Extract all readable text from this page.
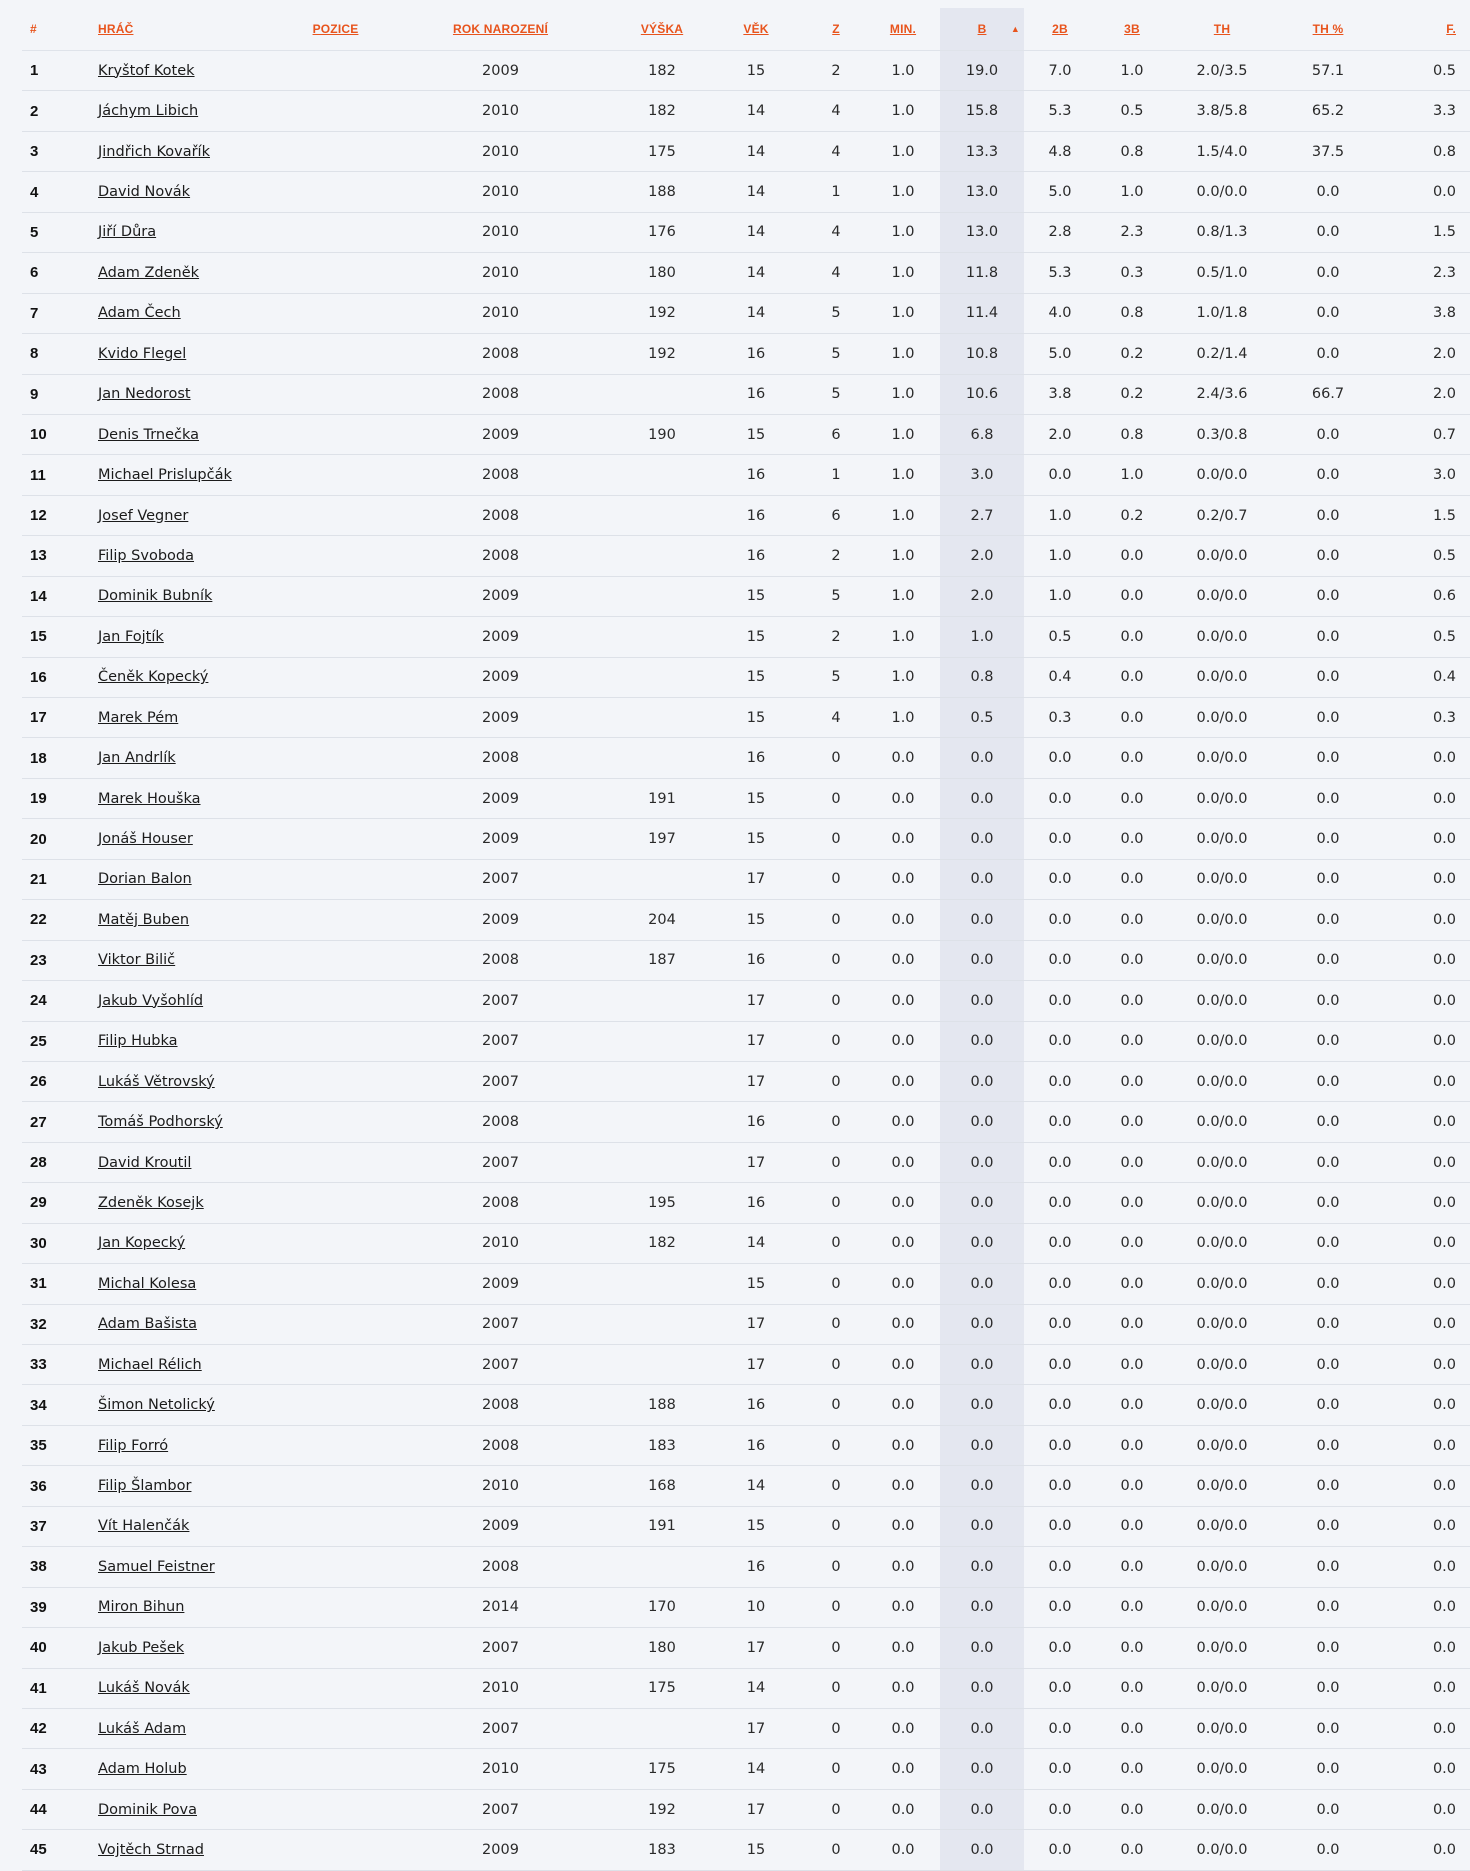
#	HRÁČ	POZICE	ROK NAROZENÍ	VÝŠKA	VĚK	Z	MIN.	B ▲	2B	3B	TH	TH %	F.
1	Kryštof Kotek		2009	182	15	2	1.0	19.0	7.0	1.0	2.0/3.5	57.1	0.5
2	Jáchym Libich		2010	182	14	4	1.0	15.8	5.3	0.5	3.8/5.8	65.2	3.3
3	Jindřich Kovařík		2010	175	14	4	1.0	13.3	4.8	0.8	1.5/4.0	37.5	0.8
4	David Novák		2010	188	14	1	1.0	13.0	5.0	1.0	0.0/0.0	0.0	0.0
5	Jiří Důra		2010	176	14	4	1.0	13.0	2.8	2.3	0.8/1.3	0.0	1.5
6	Adam Zdeněk		2010	180	14	4	1.0	11.8	5.3	0.3	0.5/1.0	0.0	2.3
7	Adam Čech		2010	192	14	5	1.0	11.4	4.0	0.8	1.0/1.8	0.0	3.8
8	Kvido Flegel		2008	192	16	5	1.0	10.8	5.0	0.2	0.2/1.4	0.0	2.0
9	Jan Nedorost		2008		16	5	1.0	10.6	3.8	0.2	2.4/3.6	66.7	2.0
10	Denis Trnečka		2009	190	15	6	1.0	6.8	2.0	0.8	0.3/0.8	0.0	0.7
11	Michael Prislupčák		2008		16	1	1.0	3.0	0.0	1.0	0.0/0.0	0.0	3.0
12	Josef Vegner		2008		16	6	1.0	2.7	1.0	0.2	0.2/0.7	0.0	1.5
13	Filip Svoboda		2008		16	2	1.0	2.0	1.0	0.0	0.0/0.0	0.0	0.5
14	Dominik Bubník		2009		15	5	1.0	2.0	1.0	0.0	0.0/0.0	0.0	0.6
15	Jan Fojtík		2009		15	2	1.0	1.0	0.5	0.0	0.0/0.0	0.0	0.5
16	Čeněk Kopecký		2009		15	5	1.0	0.8	0.4	0.0	0.0/0.0	0.0	0.4
17	Marek Pém		2009		15	4	1.0	0.5	0.3	0.0	0.0/0.0	0.0	0.3
18	Jan Andrlík		2008		16	0	0.0	0.0	0.0	0.0	0.0/0.0	0.0	0.0
19	Marek Houška		2009	191	15	0	0.0	0.0	0.0	0.0	0.0/0.0	0.0	0.0
20	Jonáš Houser		2009	197	15	0	0.0	0.0	0.0	0.0	0.0/0.0	0.0	0.0
21	Dorian Balon		2007		17	0	0.0	0.0	0.0	0.0	0.0/0.0	0.0	0.0
22	Matěj Buben		2009	204	15	0	0.0	0.0	0.0	0.0	0.0/0.0	0.0	0.0
23	Viktor Bilič		2008	187	16	0	0.0	0.0	0.0	0.0	0.0/0.0	0.0	0.0
24	Jakub Vyšohlíd		2007		17	0	0.0	0.0	0.0	0.0	0.0/0.0	0.0	0.0
25	Filip Hubka		2007		17	0	0.0	0.0	0.0	0.0	0.0/0.0	0.0	0.0
26	Lukáš Větrovský		2007		17	0	0.0	0.0	0.0	0.0	0.0/0.0	0.0	0.0
27	Tomáš Podhorský		2008		16	0	0.0	0.0	0.0	0.0	0.0/0.0	0.0	0.0
28	David Kroutil		2007		17	0	0.0	0.0	0.0	0.0	0.0/0.0	0.0	0.0
29	Zdeněk Kosejk		2008	195	16	0	0.0	0.0	0.0	0.0	0.0/0.0	0.0	0.0
30	Jan Kopecký		2010	182	14	0	0.0	0.0	0.0	0.0	0.0/0.0	0.0	0.0
31	Michal Kolesa		2009		15	0	0.0	0.0	0.0	0.0	0.0/0.0	0.0	0.0
32	Adam Bašista		2007		17	0	0.0	0.0	0.0	0.0	0.0/0.0	0.0	0.0
33	Michael Rélich		2007		17	0	0.0	0.0	0.0	0.0	0.0/0.0	0.0	0.0
34	Šimon Netolický		2008	188	16	0	0.0	0.0	0.0	0.0	0.0/0.0	0.0	0.0
35	Filip Forró		2008	183	16	0	0.0	0.0	0.0	0.0	0.0/0.0	0.0	0.0
36	Filip Šlambor		2010	168	14	0	0.0	0.0	0.0	0.0	0.0/0.0	0.0	0.0
37	Vít Halenčák		2009	191	15	0	0.0	0.0	0.0	0.0	0.0/0.0	0.0	0.0
38	Samuel Feistner		2008		16	0	0.0	0.0	0.0	0.0	0.0/0.0	0.0	0.0
39	Miron Bihun		2014	170	10	0	0.0	0.0	0.0	0.0	0.0/0.0	0.0	0.0
40	Jakub Pešek		2007	180	17	0	0.0	0.0	0.0	0.0	0.0/0.0	0.0	0.0
41	Lukáš Novák		2010	175	14	0	0.0	0.0	0.0	0.0	0.0/0.0	0.0	0.0
42	Lukáš Adam		2007		17	0	0.0	0.0	0.0	0.0	0.0/0.0	0.0	0.0
43	Adam Holub		2010	175	14	0	0.0	0.0	0.0	0.0	0.0/0.0	0.0	0.0
44	Dominik Pova		2007	192	17	0	0.0	0.0	0.0	0.0	0.0/0.0	0.0	0.0
45	Vojtěch Strnad		2009	183	15	0	0.0	0.0	0.0	0.0	0.0/0.0	0.0	0.0
